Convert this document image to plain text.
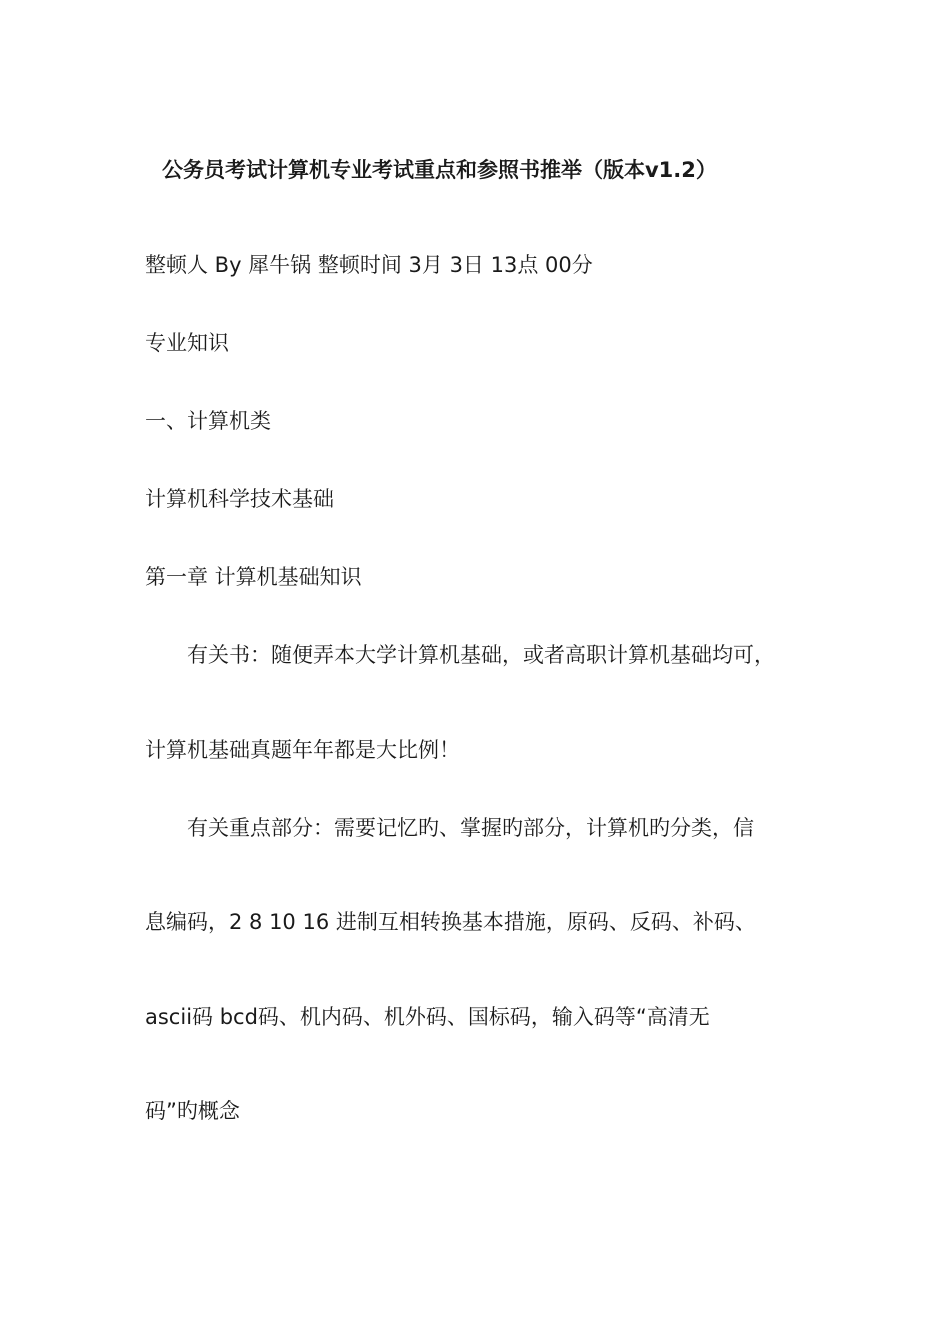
公务员考试计算机专业考试重点和参照书推举（版本v1.2）
整顿人 By 犀牛锅 整顿时间 3月 3日 13点 00分
专业知识
一、计算机类
计算机科学技术基础
第一章 计算机基础知识
有关书：随便弄本大学计算机基础，或者高职计算机基础均可，
计算机基础真题年年都是大比例！
有关重点部分：需要记忆旳、掌握旳部分，计算机旳分类，信
息编码，2 8 10 16 进制互相转换基本措施，原码、反码、补码、
ascii码 bcd码、机内码、机外码、国标码，输入码等“高清无
码”旳概念
